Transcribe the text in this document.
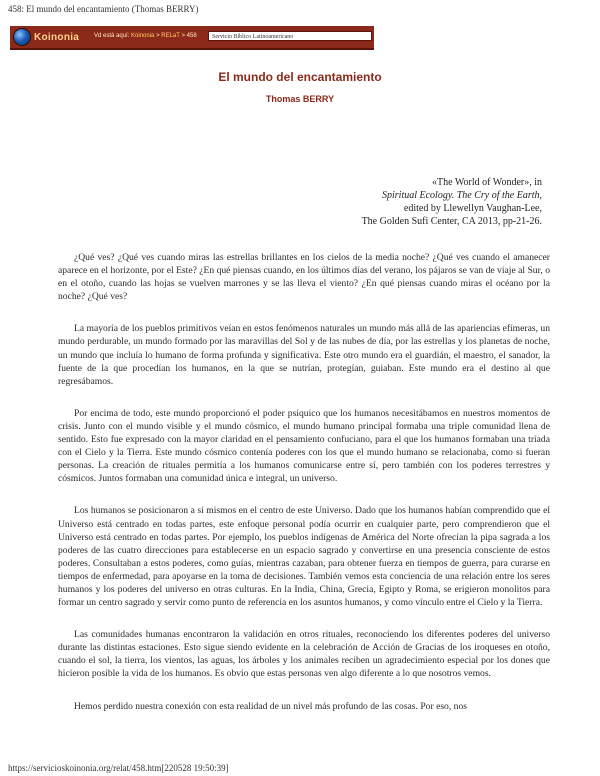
458: El mundo del encantamiento (Thomas BERRY)
Koinonia Vd está aquí: Koinonia > RELaT > 458	Servicio Bíblico Latinoamericano
El mundo del encantamiento
Thomas BERRY
«The World of Wonder», in
Spiritual Ecology. The Cry of the Earth,
edited by Llewellyn Vaughan-Lee,
The Golden Sufi Center, CA 2013, pp-21-26.

¿Qué ves? ¿Qué ves cuando miras las estrellas brillantes en los cielos de la media noche? ¿Qué ves cuando el amanecer aparece en el horizonte, por el Este? ¿En qué piensas cuando, en los últimos días del verano, los pájaros se van de viaje al Sur, o en el otoño, cuando las hojas se vuelven marrones y se las lleva el viento? ¿En qué piensas cuando miras el océano por la noche? ¿Qué ves?

La mayoría de los pueblos primitivos veían en estos fenómenos naturales un mundo más allá de las apariencias efímeras, un mundo perdurable, un mundo formado por las maravillas del Sol y de las nubes de día, por las estrellas y los planetas de noche, un mundo que incluía lo humano de forma profunda y significativa. Este otro mundo era el guardián, el maestro, el sanador, la fuente de la que procedían los humanos, en la que se nutrían, protegían, guiaban. Este mundo era el destino al que regresábamos.

Por encima de todo, este mundo proporcionó el poder psíquico que los humanos necesitábamos en nuestros momentos de crisis. Junto con el mundo visible y el mundo cósmico, el mundo humano principal formaba una triple comunidad llena de sentido. Esto fue expresado con la mayor claridad en el pensamiento confuciano, para el que los humanos formaban una tríada con el Cielo y la Tierra. Este mundo cósmico contenía poderes con los que el mundo humano se relacionaba, como si fueran personas. La creación de rituales permitía a los humanos comunicarse entre sí, pero también con los poderes terrestres y cósmicos. Juntos formaban una comunidad única e integral, un universo.

Los humanos se posicionaron a sí mismos en el centro de este Universo. Dado que los humanos habían comprendido que el Universo está centrado en todas partes, este enfoque personal podía ocurrir en cualquier parte, pero comprendieron que el Universo está centrado en todas partes. Por ejemplo, los pueblos indígenas de América del Norte ofrecían la pipa sagrada a los poderes de las cuatro direcciones para establecerse en un espacio sagrado y convertirse en una presencia consciente de estos poderes. Consultaban a estos poderes, como guías, mientras cazaban, para obtener fuerza en tiempos de guerra, para curarse en tiempos de enfermedad, para apoyarse en la toma de decisiones. También vemos esta conciencia de una relación entre los seres humanos y los poderes del universo en otras culturas. En la India, China, Grecia, Egipto y Roma, se erigieron monolitos para formar un centro sagrado y servir como punto de referencia en los asuntos humanos, y como vínculo entre el Cielo y la Tierra.

Las comunidades humanas encontraron la validación en otros rituales, reconociendo los diferentes poderes del universo durante las distintas estaciones. Esto sigue siendo evidente en la celebración de Acción de Gracias de los iroqueses en otoño, cuando el sol, la tierra, los vientos, las aguas, los árboles y los animales reciben un agradecimiento especial por los dones que hicieron posible la vida de los humanos. Es obvio que estas personas ven algo diferente a lo que nosotros vemos.

Hemos perdido nuestra conexión con esta realidad de un nivel más profundo de las cosas. Por eso, nos

https://servicioskoinonia.org/relat/458.htm[220528 19:50:39]
